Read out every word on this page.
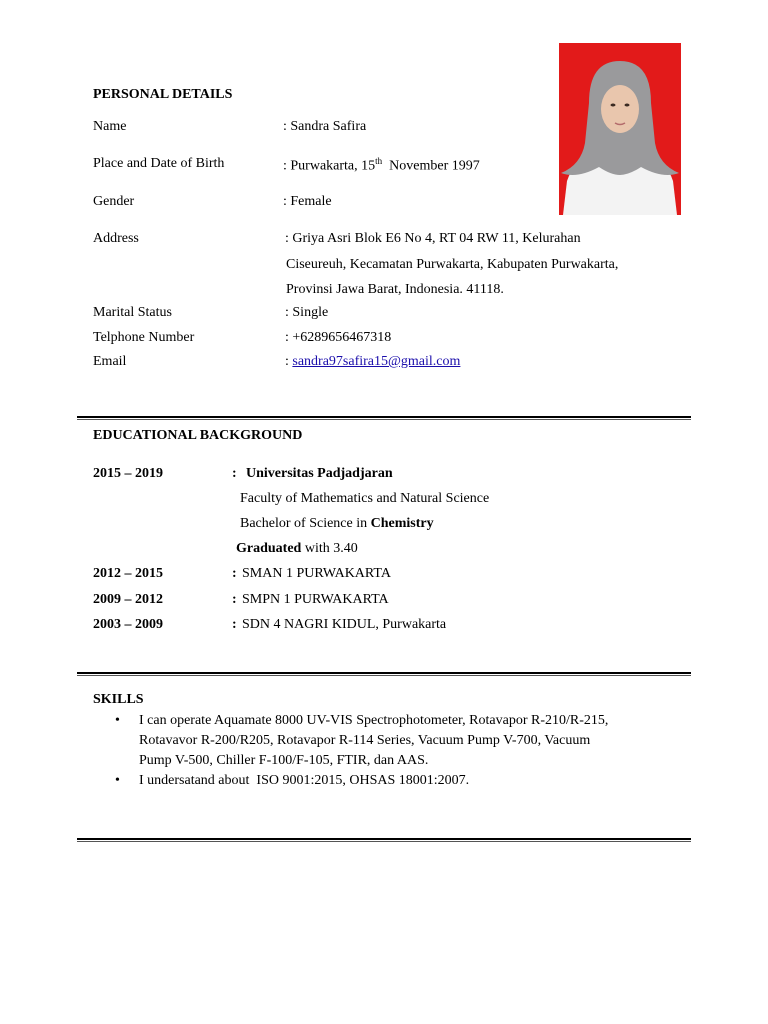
PERSONAL DETAILS
Name	: Sandra Safira
Place and Date of Birth	: Purwakarta, 15th November 1997
Gender	: Female
Address	: Griya Asri Blok E6 No 4, RT 04 RW 11, Kelurahan
Ciseureuh, Kecamatan Purwakarta, Kabupaten Purwakarta,
Provinsi Jawa Barat, Indonesia. 41118.
Marital Status	: Single
Telphone Number	: +6289656467318
Email	: sandra97safira15@gmail.com
EDUCATIONAL BACKGROUND
2015 – 2019	: Universitas Padjadjaran
Faculty of Mathematics and Natural Science
Bachelor of Science in Chemistry
Graduated with 3.40
2012 – 2015	: SMAN 1 PURWAKARTA
2009 – 2012	: SMPN 1 PURWAKARTA
2003 – 2009	: SDN 4 NAGRI KIDUL, Purwakarta
SKILLS
• I can operate Aquamate 8000 UV-VIS Spectrophotometer, Rotavapor R-210/R-215,
Rotavavor R-200/R205, Rotavapor R-114 Series, Vacuum Pump V-700, Vacuum
Pump V-500, Chiller F-100/F-105, FTIR, dan AAS.
• I undersatand about  ISO 9001:2015, OHSAS 18001:2007.
